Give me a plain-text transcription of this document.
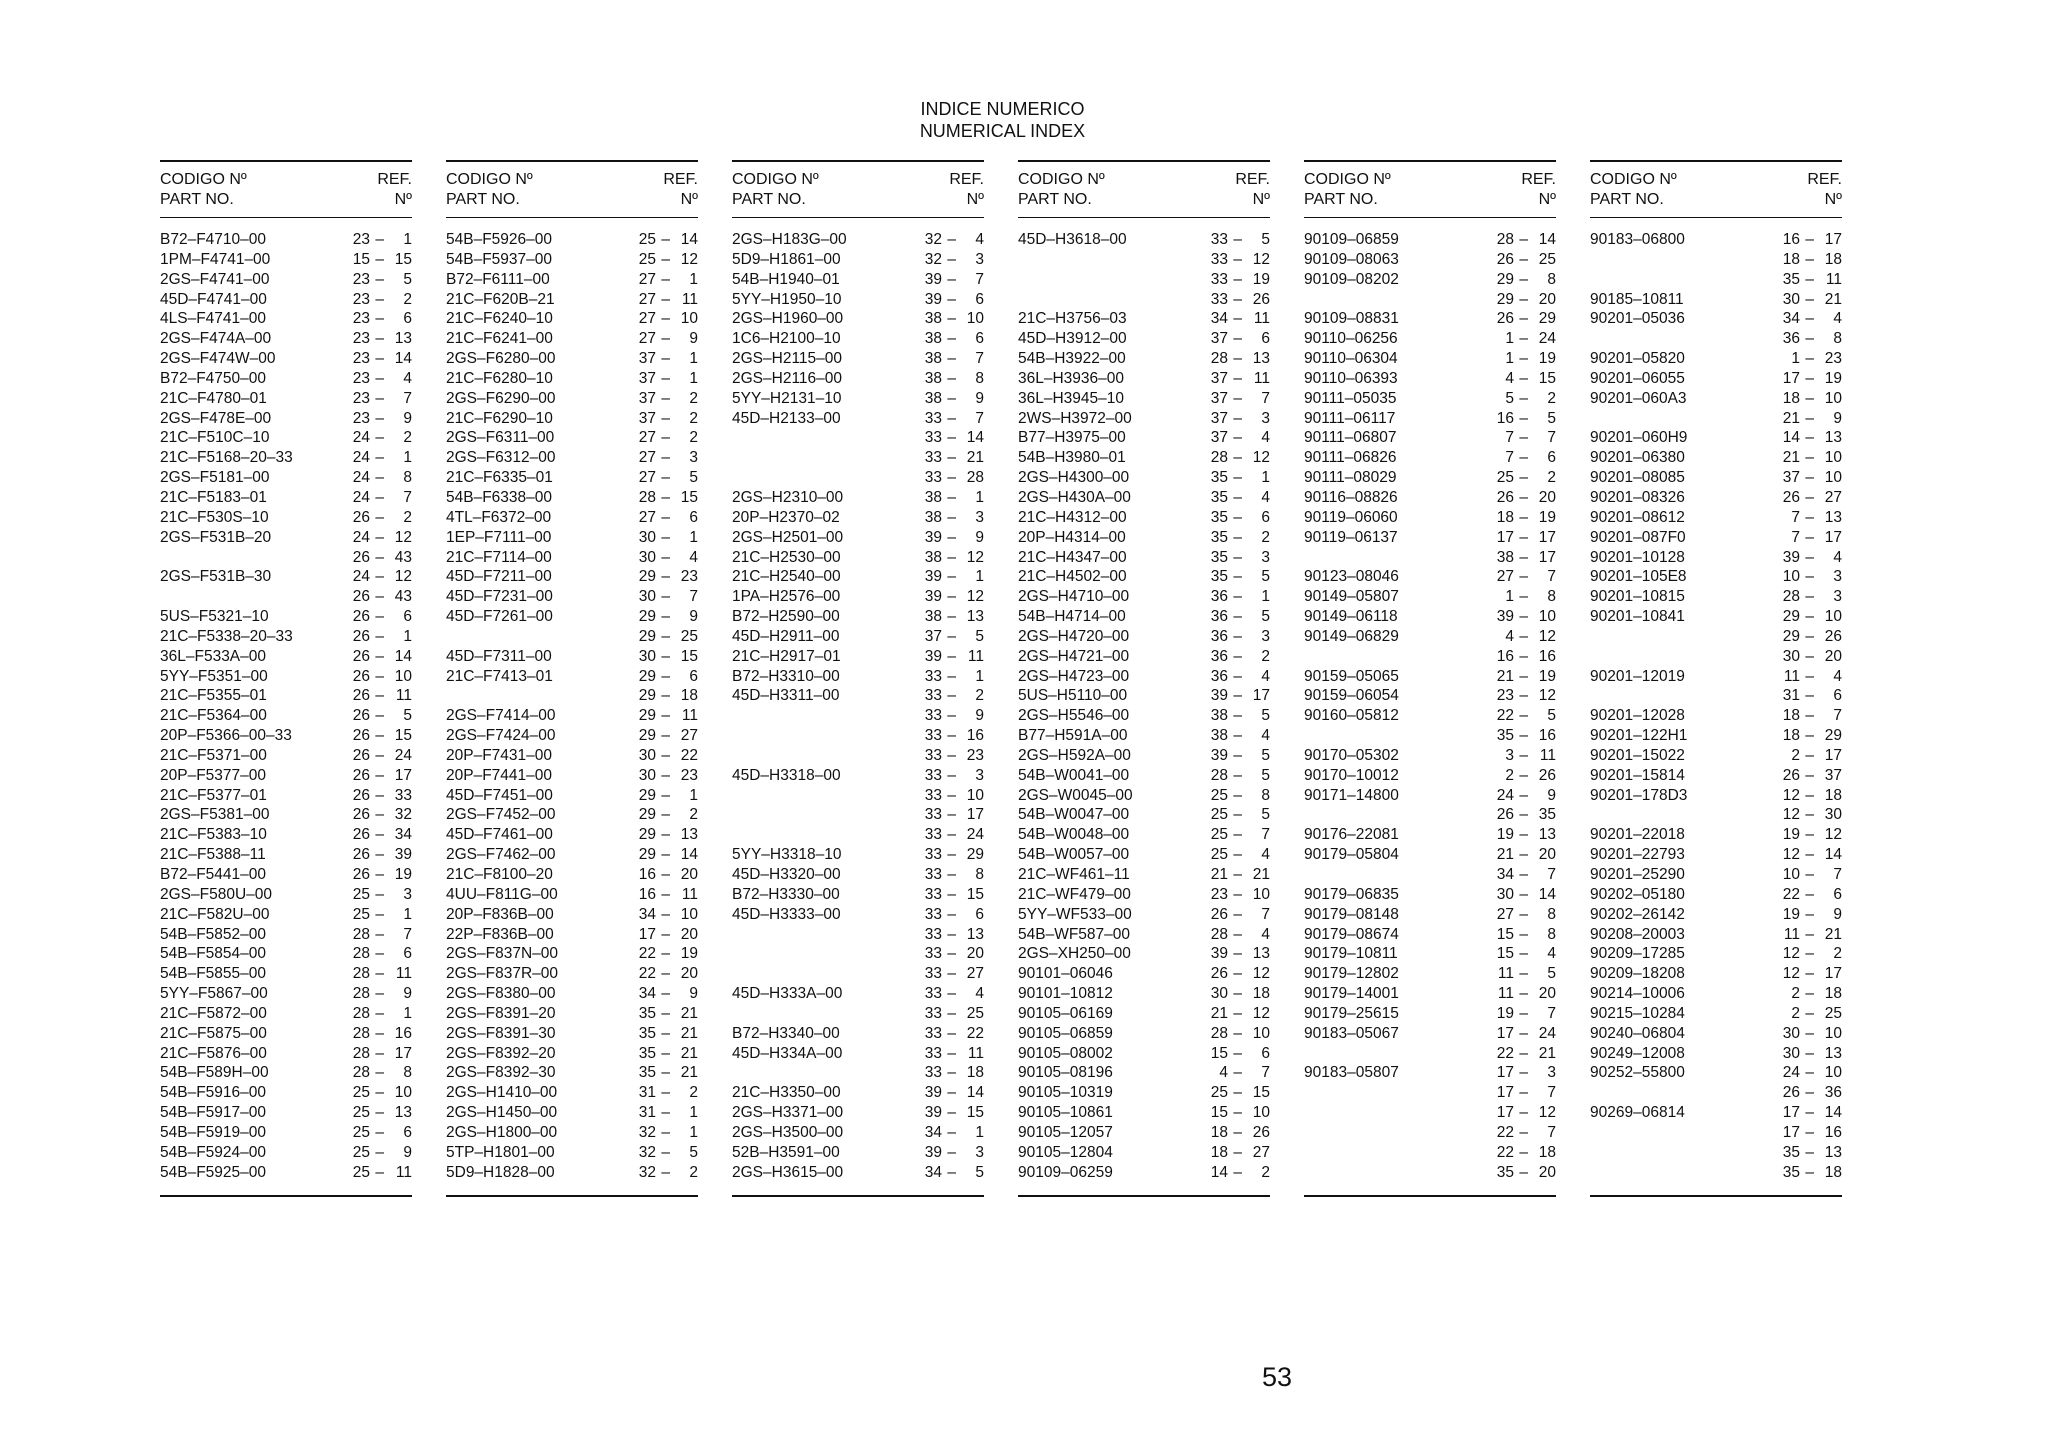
INDICE NUMERICO
NUMERICAL INDEX
CODIGO Nº
PART NO.
REF.
Nº
B72–F4710–00	23 – 1
1PM–F4741–00	15 – 15
2GS–F4741–00	23 – 5
45D–F4741–00	23 – 2
4LS–F4741–00	23 – 6
2GS–F474A–00	23 – 13
2GS–F474W–00	23 – 14
B72–F4750–00	23 – 4
21C–F4780–01	23 – 7
2GS–F478E–00	23 – 9
21C–F510C–10	24 – 2
21C–F5168–20–33	24 – 1
2GS–F5181–00	24 – 8
21C–F5183–01	24 – 7
21C–F530S–10	26 – 2
2GS–F531B–20	24 – 12
26 – 43
2GS–F531B–30	24 – 12
26 – 43
5US–F5321–10	26 – 6
21C–F5338–20–33	26 – 1
36L–F533A–00	26 – 14
5YY–F5351–00	26 – 10
21C–F5355–01	26 – 11
21C–F5364–00	26 – 5
20P–F5366–00–33	26 – 15
21C–F5371–00	26 – 24
20P–F5377–00	26 – 17
21C–F5377–01	26 – 33
2GS–F5381–00	26 – 32
21C–F5383–10	26 – 34
21C–F5388–11	26 – 39
B72–F5441–00	26 – 19
2GS–F580U–00	25 – 3
21C–F582U–00	25 – 1
54B–F5852–00	28 – 7
54B–F5854–00	28 – 6
54B–F5855–00	28 – 11
5YY–F5867–00	28 – 9
21C–F5872–00	28 – 1
21C–F5875–00	28 – 16
21C–F5876–00	28 – 17
54B–F589H–00	28 – 8
54B–F5916–00	25 – 10
54B–F5917–00	25 – 13
54B–F5919–00	25 – 6
54B–F5924–00	25 – 9
54B–F5925–00	25 – 11
CODIGO Nº
PART NO.
REF.
Nº
54B–F5926–00	25 – 14
54B–F5937–00	25 – 12
B72–F6111–00	27 – 1
21C–F620B–21	27 – 11
21C–F6240–10	27 – 10
21C–F6241–00	27 – 9
2GS–F6280–00	37 – 1
21C–F6280–10	37 – 1
2GS–F6290–00	37 – 2
21C–F6290–10	37 – 2
2GS–F6311–00	27 – 2
2GS–F6312–00	27 – 3
21C–F6335–01	27 – 5
54B–F6338–00	28 – 15
4TL–F6372–00	27 – 6
1EP–F7111–00	30 – 1
21C–F7114–00	30 – 4
45D–F7211–00	29 – 23
45D–F7231–00	30 – 7
45D–F7261–00	29 – 9
29 – 25
45D–F7311–00	30 – 15
21C–F7413–01	29 – 6
29 – 18
2GS–F7414–00	29 – 11
2GS–F7424–00	29 – 27
20P–F7431–00	30 – 22
20P–F7441–00	30 – 23
45D–F7451–00	29 – 1
2GS–F7452–00	29 – 2
45D–F7461–00	29 – 13
2GS–F7462–00	29 – 14
21C–F8100–20	16 – 20
4UU–F811G–00	16 – 11
20P–F836B–00	34 – 10
22P–F836B–00	17 – 20
2GS–F837N–00	22 – 19
2GS–F837R–00	22 – 20
2GS–F8380–00	34 – 9
2GS–F8391–20	35 – 21
2GS–F8391–30	35 – 21
2GS–F8392–20	35 – 21
2GS–F8392–30	35 – 21
2GS–H1410–00	31 – 2
2GS–H1450–00	31 – 1
2GS–H1800–00	32 – 1
5TP–H1801–00	32 – 5
5D9–H1828–00	32 – 2
CODIGO Nº
PART NO.
REF.
Nº
2GS–H183G–00	32 – 4
5D9–H1861–00	32 – 3
54B–H1940–01	39 – 7
5YY–H1950–10	39 – 6
2GS–H1960–00	38 – 10
1C6–H2100–10	38 – 6
2GS–H2115–00	38 – 7
2GS–H2116–00	38 – 8
5YY–H2131–10	38 – 9
45D–H2133–00	33 – 7
33 – 14
33 – 21
33 – 28
2GS–H2310–00	38 – 1
20P–H2370–02	38 – 3
2GS–H2501–00	39 – 9
21C–H2530–00	38 – 12
21C–H2540–00	39 – 1
1PA–H2576–00	39 – 12
B72–H2590–00	38 – 13
45D–H2911–00	37 – 5
21C–H2917–01	39 – 11
B72–H3310–00	33 – 1
45D–H3311–00	33 – 2
33 – 9
33 – 16
33 – 23
45D–H3318–00	33 – 3
33 – 10
33 – 17
33 – 24
5YY–H3318–10	33 – 29
45D–H3320–00	33 – 8
B72–H3330–00	33 – 15
45D–H3333–00	33 – 6
33 – 13
33 – 20
33 – 27
45D–H333A–00	33 – 4
33 – 25
B72–H3340–00	33 – 22
45D–H334A–00	33 – 11
33 – 18
21C–H3350–00	39 – 14
2GS–H3371–00	39 – 15
2GS–H3500–00	34 – 1
52B–H3591–00	39 – 3
2GS–H3615–00	34 – 5
CODIGO Nº
PART NO.
REF.
Nº
45D–H3618–00	33 – 5
33 – 12
33 – 19
33 – 26
21C–H3756–03	34 – 11
45D–H3912–00	37 – 6
54B–H3922–00	28 – 13
36L–H3936–00	37 – 11
36L–H3945–10	37 – 7
2WS–H3972–00	37 – 3
B77–H3975–00	37 – 4
54B–H3980–01	28 – 12
2GS–H4300–00	35 – 1
2GS–H430A–00	35 – 4
21C–H4312–00	35 – 6
20P–H4314–00	35 – 2
21C–H4347–00	35 – 3
21C–H4502–00	35 – 5
2GS–H4710–00	36 – 1
54B–H4714–00	36 – 5
2GS–H4720–00	36 – 3
2GS–H4721–00	36 – 2
2GS–H4723–00	36 – 4
5US–H5110–00	39 – 17
2GS–H5546–00	38 – 5
B77–H591A–00	38 – 4
2GS–H592A–00	39 – 5
54B–W0041–00	28 – 5
2GS–W0045–00	25 – 8
54B–W0047–00	25 – 5
54B–W0048–00	25 – 7
54B–W0057–00	25 – 4
21C–WF461–11	21 – 21
21C–WF479–00	23 – 10
5YY–WF533–00	26 – 7
54B–WF587–00	28 – 4
2GS–XH250–00	39 – 13
90101–06046	26 – 12
90101–10812	30 – 18
90105–06169	21 – 12
90105–06859	28 – 10
90105–08002	15 – 6
90105–08196	4 – 7
90105–10319	25 – 15
90105–10861	15 – 10
90105–12057	18 – 26
90105–12804	18 – 27
90109–06259	14 – 2
CODIGO Nº
PART NO.
REF.
Nº
90109–06859	28 – 14
90109–08063	26 – 25
90109–08202	29 – 8
29 – 20
90109–08831	26 – 29
90110–06256	1 – 24
90110–06304	1 – 19
90110–06393	4 – 15
90111–05035	5 – 2
90111–06117	16 – 5
90111–06807	7 – 7
90111–06826	7 – 6
90111–08029	25 – 2
90116–08826	26 – 20
90119–06060	18 – 19
90119–06137	17 – 17
38 – 17
90123–08046	27 – 7
90149–05807	1 – 8
90149–06118	39 – 10
90149–06829	4 – 12
16 – 16
90159–05065	21 – 19
90159–06054	23 – 12
90160–05812	22 – 5
35 – 16
90170–05302	3 – 11
90170–10012	2 – 26
90171–14800	24 – 9
26 – 35
90176–22081	19 – 13
90179–05804	21 – 20
34 – 7
90179–06835	30 – 14
90179–08148	27 – 8
90179–08674	15 – 8
90179–10811	15 – 4
90179–12802	11 – 5
90179–14001	11 – 20
90179–25615	19 – 7
90183–05067	17 – 24
22 – 21
90183–05807	17 – 3
17 – 7
17 – 12
22 – 7
22 – 18
35 – 20
CODIGO Nº
PART NO.
REF.
Nº
90183–06800	16 – 17
18 – 18
35 – 11
90185–10811	30 – 21
90201–05036	34 – 4
36 – 8
90201–05820	1 – 23
90201–06055	17 – 19
90201–060A3	18 – 10
21 – 9
90201–060H9	14 – 13
90201–06380	21 – 10
90201–08085	37 – 10
90201–08326	26 – 27
90201–08612	7 – 13
90201–087F0	7 – 17
90201–10128	39 – 4
90201–105E8	10 – 3
90201–10815	28 – 3
90201–10841	29 – 10
29 – 26
30 – 20
90201–12019	11 – 4
31 – 6
90201–12028	18 – 7
90201–122H1	18 – 29
90201–15022	2 – 17
90201–15814	26 – 37
90201–178D3	12 – 18
12 – 30
90201–22018	19 – 12
90201–22793	12 – 14
90201–25290	10 – 7
90202–05180	22 – 6
90202–26142	19 – 9
90208–20003	11 – 21
90209–17285	12 – 2
90209–18208	12 – 17
90214–10006	2 – 18
90215–10284	2 – 25
90240–06804	30 – 10
90249–12008	30 – 13
90252–55800	24 – 10
26 – 36
90269–06814	17 – 14
17 – 16
35 – 13
35 – 18
53
